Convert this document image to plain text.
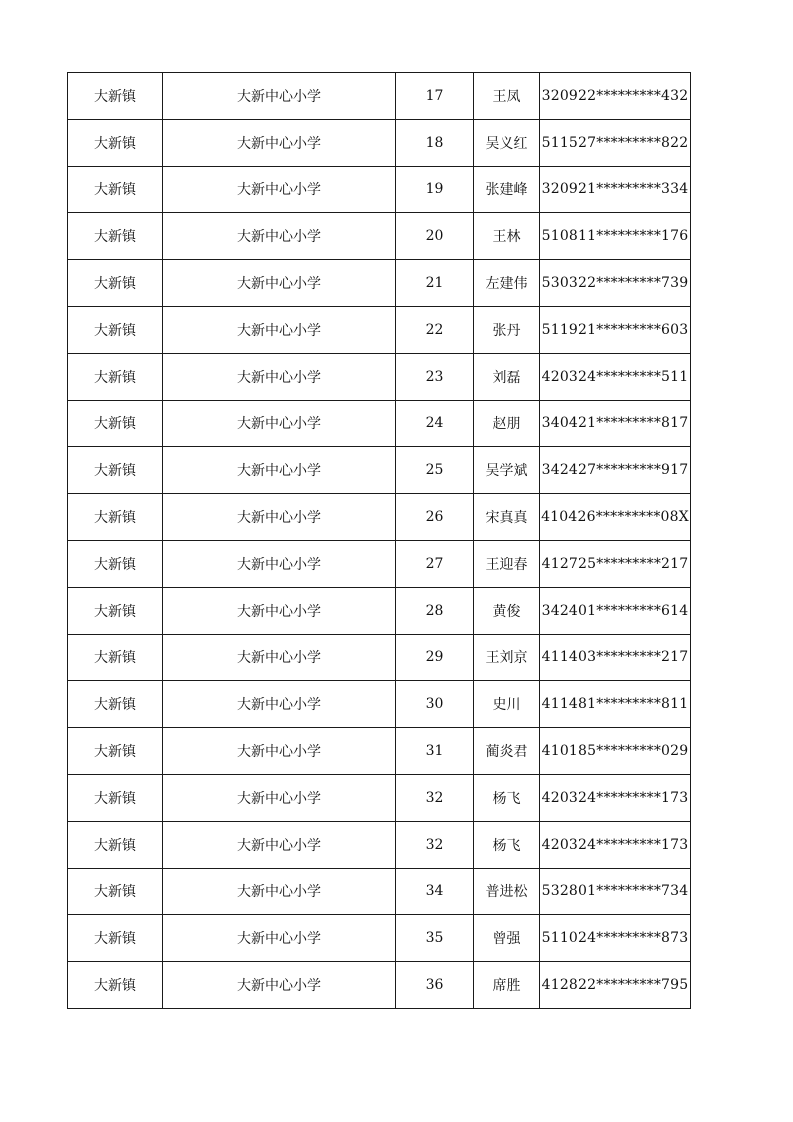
大新镇	大新中心小学	17	王凤	320922*********432
大新镇	大新中心小学	18	吴义红	511527*********822
大新镇	大新中心小学	19	张建峰	320921*********334
大新镇	大新中心小学	20	王林	510811*********176
大新镇	大新中心小学	21	左建伟	530322*********739
大新镇	大新中心小学	22	张丹	511921*********603
大新镇	大新中心小学	23	刘磊	420324*********511
大新镇	大新中心小学	24	赵朋	340421*********817
大新镇	大新中心小学	25	吴学斌	342427*********917
大新镇	大新中心小学	26	宋真真	410426*********08X
大新镇	大新中心小学	27	王迎春	412725*********217
大新镇	大新中心小学	28	黄俊	342401*********614
大新镇	大新中心小学	29	王刘京	411403*********217
大新镇	大新中心小学	30	史川	411481*********811
大新镇	大新中心小学	31	蔺炎君	410185*********029
大新镇	大新中心小学	32	杨飞	420324*********173
大新镇	大新中心小学	32	杨飞	420324*********173
大新镇	大新中心小学	34	普进松	532801*********734
大新镇	大新中心小学	35	曾强	511024*********873
大新镇	大新中心小学	36	席胜	412822*********795
